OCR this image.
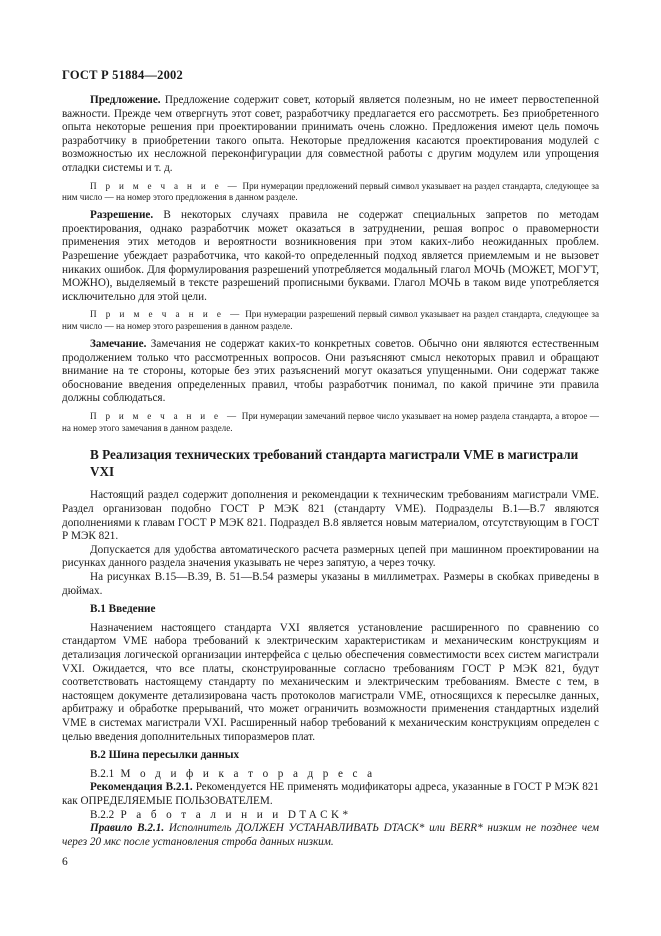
ГОСТ Р 51884—2002

Предложение. Предложение содержит совет, который является полезным, но не имеет первостепенной важности. Прежде чем отвергнуть этот совет, разработчику предлагается его рассмотреть. Без приобретенного опыта некоторые решения при проектировании принимать очень сложно. Предложения имеют цель помочь разработчику в приобретении такого опыта. Некоторые предложения касаются проектирования модулей с возможностью их несложной переконфигурации для совместной работы с другим модулем или упрощения отладки системы и т. д.

П р и м е ч а н и е — При нумерации предложений первый символ указывает на раздел стандарта, следующее за ним число — на номер этого предложения в данном разделе.

Разрешение. В некоторых случаях правила не содержат специальных запретов по методам проектирования, однако разработчик может оказаться в затруднении, решая вопрос о правомерности применения этих методов и вероятности возникновения при этом каких-либо неожиданных проблем. Разрешение убеждает разработчика, что какой-то определенный подход является приемлемым и не вызовет никаких ошибок. Для формулирования разрешений употребляется модальный глагол МОЧЬ (МОЖЕТ, МОГУТ, МОЖНО), выделяемый в тексте разрешений прописными буквами. Глагол МОЧЬ в таком виде употребляется исключительно для этой цели.

П р и м е ч а н и е — При нумерации разрешений первый символ указывает на раздел стандарта, следующее за ним число — на номер этого разрешения в данном разделе.

Замечание. Замечания не содержат каких-то конкретных советов. Обычно они являются естественным продолжением только что рассмотренных вопросов. Они разъясняют смысл некоторых правил и обращают внимание на те стороны, которые без этих разъяснений могут оказаться упущенными. Они содержат также обоснование введения определенных правил, чтобы разработчик понимал, по какой причине эти правила должны соблюдаться.

П р и м е ч а н и е — При нумерации замечаний первое число указывает на номер раздела стандарта, а второе — на номер этого замечания в данном разделе.

В Реализация технических требований стандарта магистрали VME в магистрали VXI

Настоящий раздел содержит дополнения и рекомендации к техническим требованиям магистрали VME. Раздел организован подобно ГОСТ Р МЭК 821 (стандарту VME). Подразделы В.1—В.7 являются дополнениями к главам ГОСТ Р МЭК 821. Подраздел В.8 является новым материалом, отсутствующим в ГОСТ Р МЭК 821.

Допускается для удобства автоматического расчета размерных цепей при машинном проектировании на рисунках данного раздела значения указывать не через запятую, а через точку.

На рисунках В.15—В.39, В. 51—В.54 размеры указаны в миллиметрах. Размеры в скобках приведены в дюймах.

В.1 Введение

Назначением настоящего стандарта VXI является установление расширенного по сравнению со стандартом VME набора требований к электрическим характеристикам и механическим конструкциям и детализация логической организации интерфейса с целью обеспечения совместимости всех систем магистрали VXI. Ожидается, что все платы, сконструированные согласно требованиям ГОСТ Р МЭК 821, будут соответствовать настоящему стандарту по механическим и электрическим требованиям. Вместе с тем, в настоящем документе детализирована часть протоколов магистрали VME, относящихся к пересылке данных, арбитражу и обработке прерываний, что может ограничить возможности применения стандартных изделий VME в системах магистрали VXI. Расширенный набор требований к механическим конструкциям определен с целью введения дополнительных типоразмеров плат.

В.2 Шина пересылки данных

В.2.1 М о д и ф и к а т о р а д р е с а

Рекомендация В.2.1. Рекомендуется НЕ применять модификаторы адреса, указанные в ГОСТ Р МЭК 821 как ОПРЕДЕЛЯЕМЫЕ ПОЛЬЗОВАТЕЛЕМ.

В.2.2 Р а б о т а л и н и и DTACK*

Правило В.2.1. Исполнитель ДОЛЖЕН УСТАНАВЛИВАТЬ DTACK* или BERR* низким не позднее чем через 20 мкс после установления строба данных низким.

6
